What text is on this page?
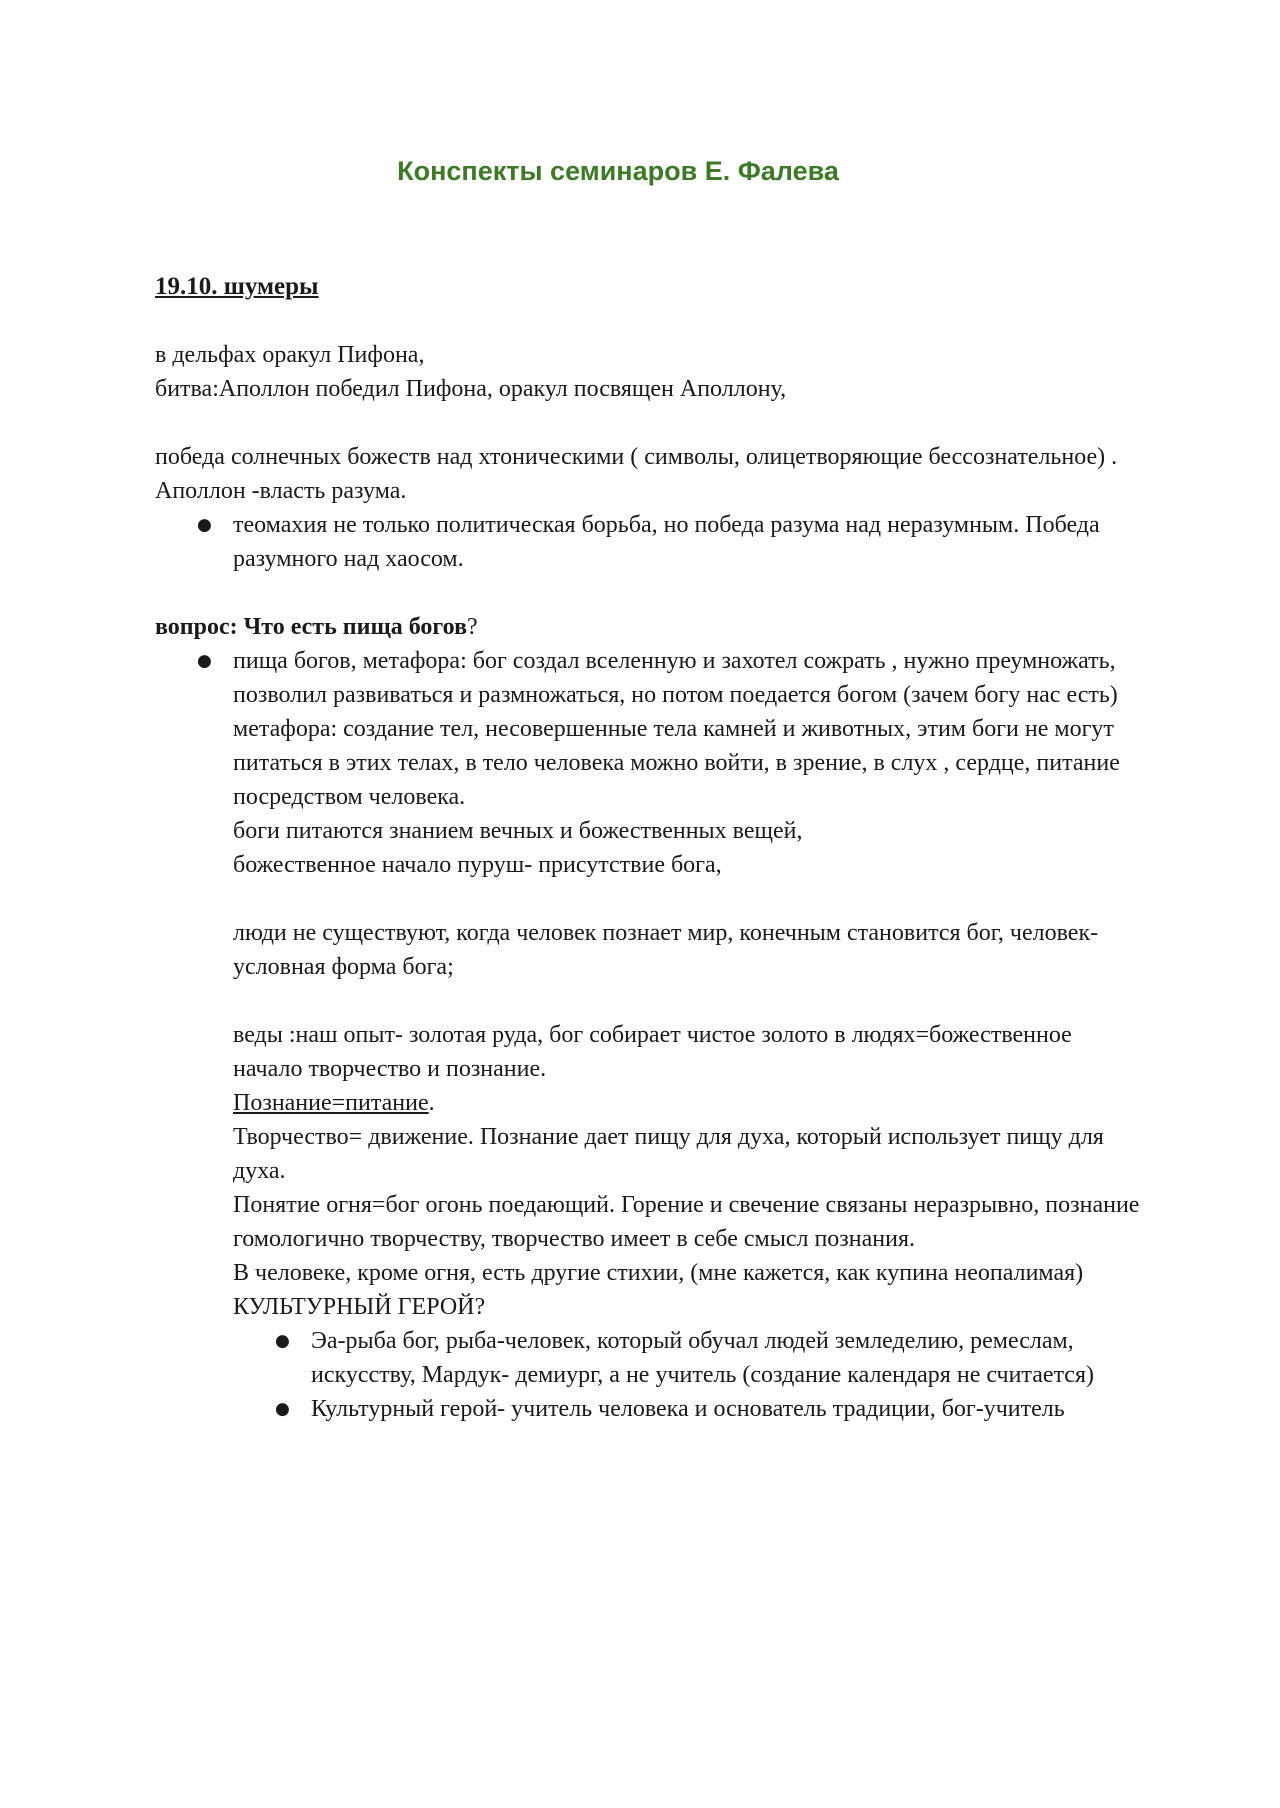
Конспекты семинаров Е. Фалева

19.10. шумеры

в дельфах оракул Пифона,

битва:Аполлон победил Пифона, оракул посвящен Аполлону,

победа солнечных божеств над хтоническими ( символы, олицетворяющие бессознательное) .

Аполлон -власть разума.

● теомахия не только политическая борьба, но победа разума над неразумным. Победа разумного над хаосом.

вопрос: Что есть пища богов?

● пища богов, метафора: бог создал вселенную и захотел сожрать , нужно преумножать, позволил развиваться и размножаться, но потом поедается богом (зачем богу нас есть)

метафора: создание тел, несовершенные тела камней и животных, этим боги не могут питаться в этих телах, в тело человека можно войти, в зрение, в слух , сердце, питание посредством человека.

боги питаются знанием вечных и божественных вещей,

божественное начало пуруш- присутствие бога,

люди не существуют, когда человек познает мир, конечным становится бог, человек- условная форма бога;

веды :наш опыт- золотая руда, бог собирает чистое золото в людях=божественное начало творчество и познание.

Познание=питание.

Творчество= движение. Познание дает пищу для духа, который использует пищу для духа.

Понятие огня=бог огонь поедающий. Горение и свечение связаны неразрывно, познание гомологично творчеству, творчество имеет в себе смысл познания.

В человеке, кроме огня, есть другие стихии, (мне кажется, как купина неопалимая)

КУЛЬТУРНЫЙ ГЕРОЙ?

● Эа-рыба бог, рыба-человек, который обучал людей земледелию, ремеслам, искусству, Мардук- демиург, а не учитель (создание календаря не считается)
● Культурный герой- учитель человека и основатель традиции, бог-учитель
